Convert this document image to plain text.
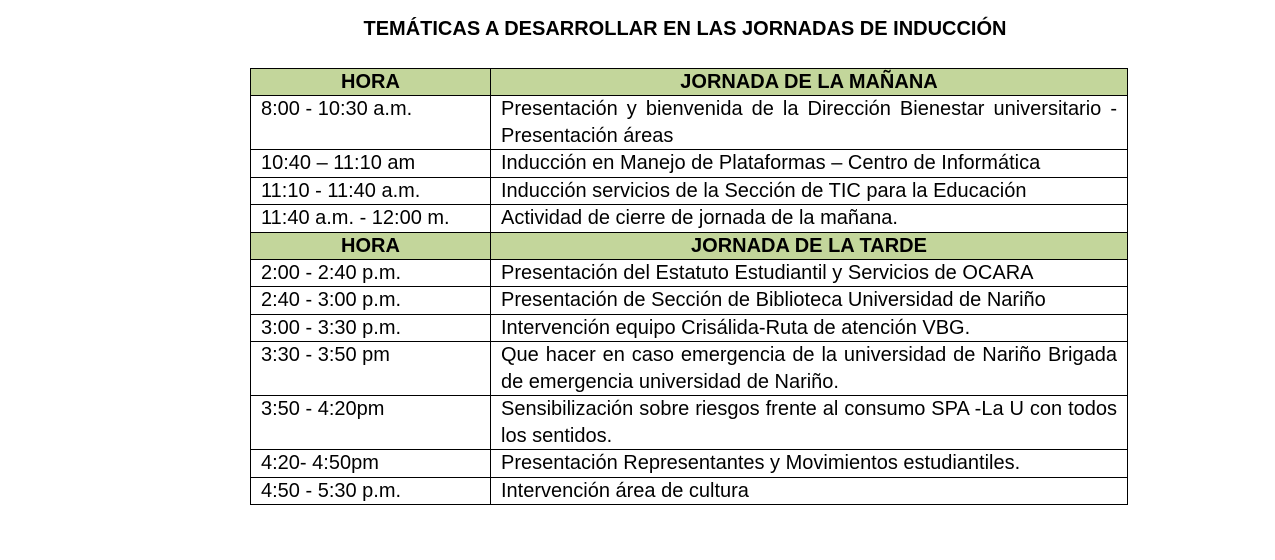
TEMÁTICAS A DESARROLLAR EN LAS JORNADAS DE INDUCCIÓN
HORA	JORNADA DE LA MAÑANA
8:00 - 10:30 a.m.	Presentación y bienvenida de la Dirección Bienestar universitario - Presentación áreas
10:40 – 11:10 am	Inducción en Manejo de Plataformas – Centro de Informática
11:10 - 11:40 a.m.	Inducción servicios de la Sección de TIC para la Educación
11:40 a.m. - 12:00 m.	Actividad de cierre de jornada de la mañana.
HORA	JORNADA DE LA TARDE
2:00 - 2:40 p.m.	Presentación del Estatuto Estudiantil y Servicios de OCARA
2:40 - 3:00 p.m.	Presentación de Sección de Biblioteca Universidad de Nariño
3:00 - 3:30 p.m.	Intervención equipo Crisálida-Ruta de atención VBG.
3:30 - 3:50 pm	Que hacer en caso emergencia de la universidad de Nariño Brigada de emergencia universidad de Nariño.
3:50 - 4:20pm	Sensibilización sobre riesgos frente al consumo SPA -La U con todos los sentidos.
4:20- 4:50pm	Presentación Representantes y Movimientos estudiantiles.
4:50 - 5:30 p.m.	Intervención área de cultura
